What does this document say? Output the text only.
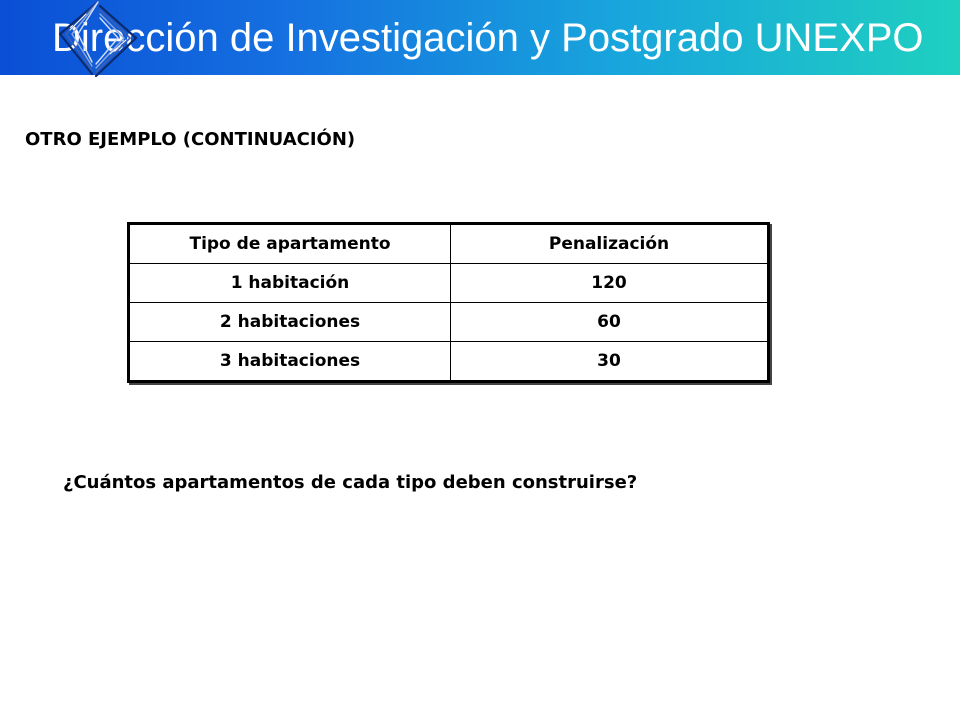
Dirección de Investigación y Postgrado UNEXPO
OTRO EJEMPLO (CONTINUACIÓN)
Tipo de apartamento	Penalización
1 habitación	120
2 habitaciones	60
3 habitaciones	30
¿Cuántos apartamentos de cada tipo deben construirse?
